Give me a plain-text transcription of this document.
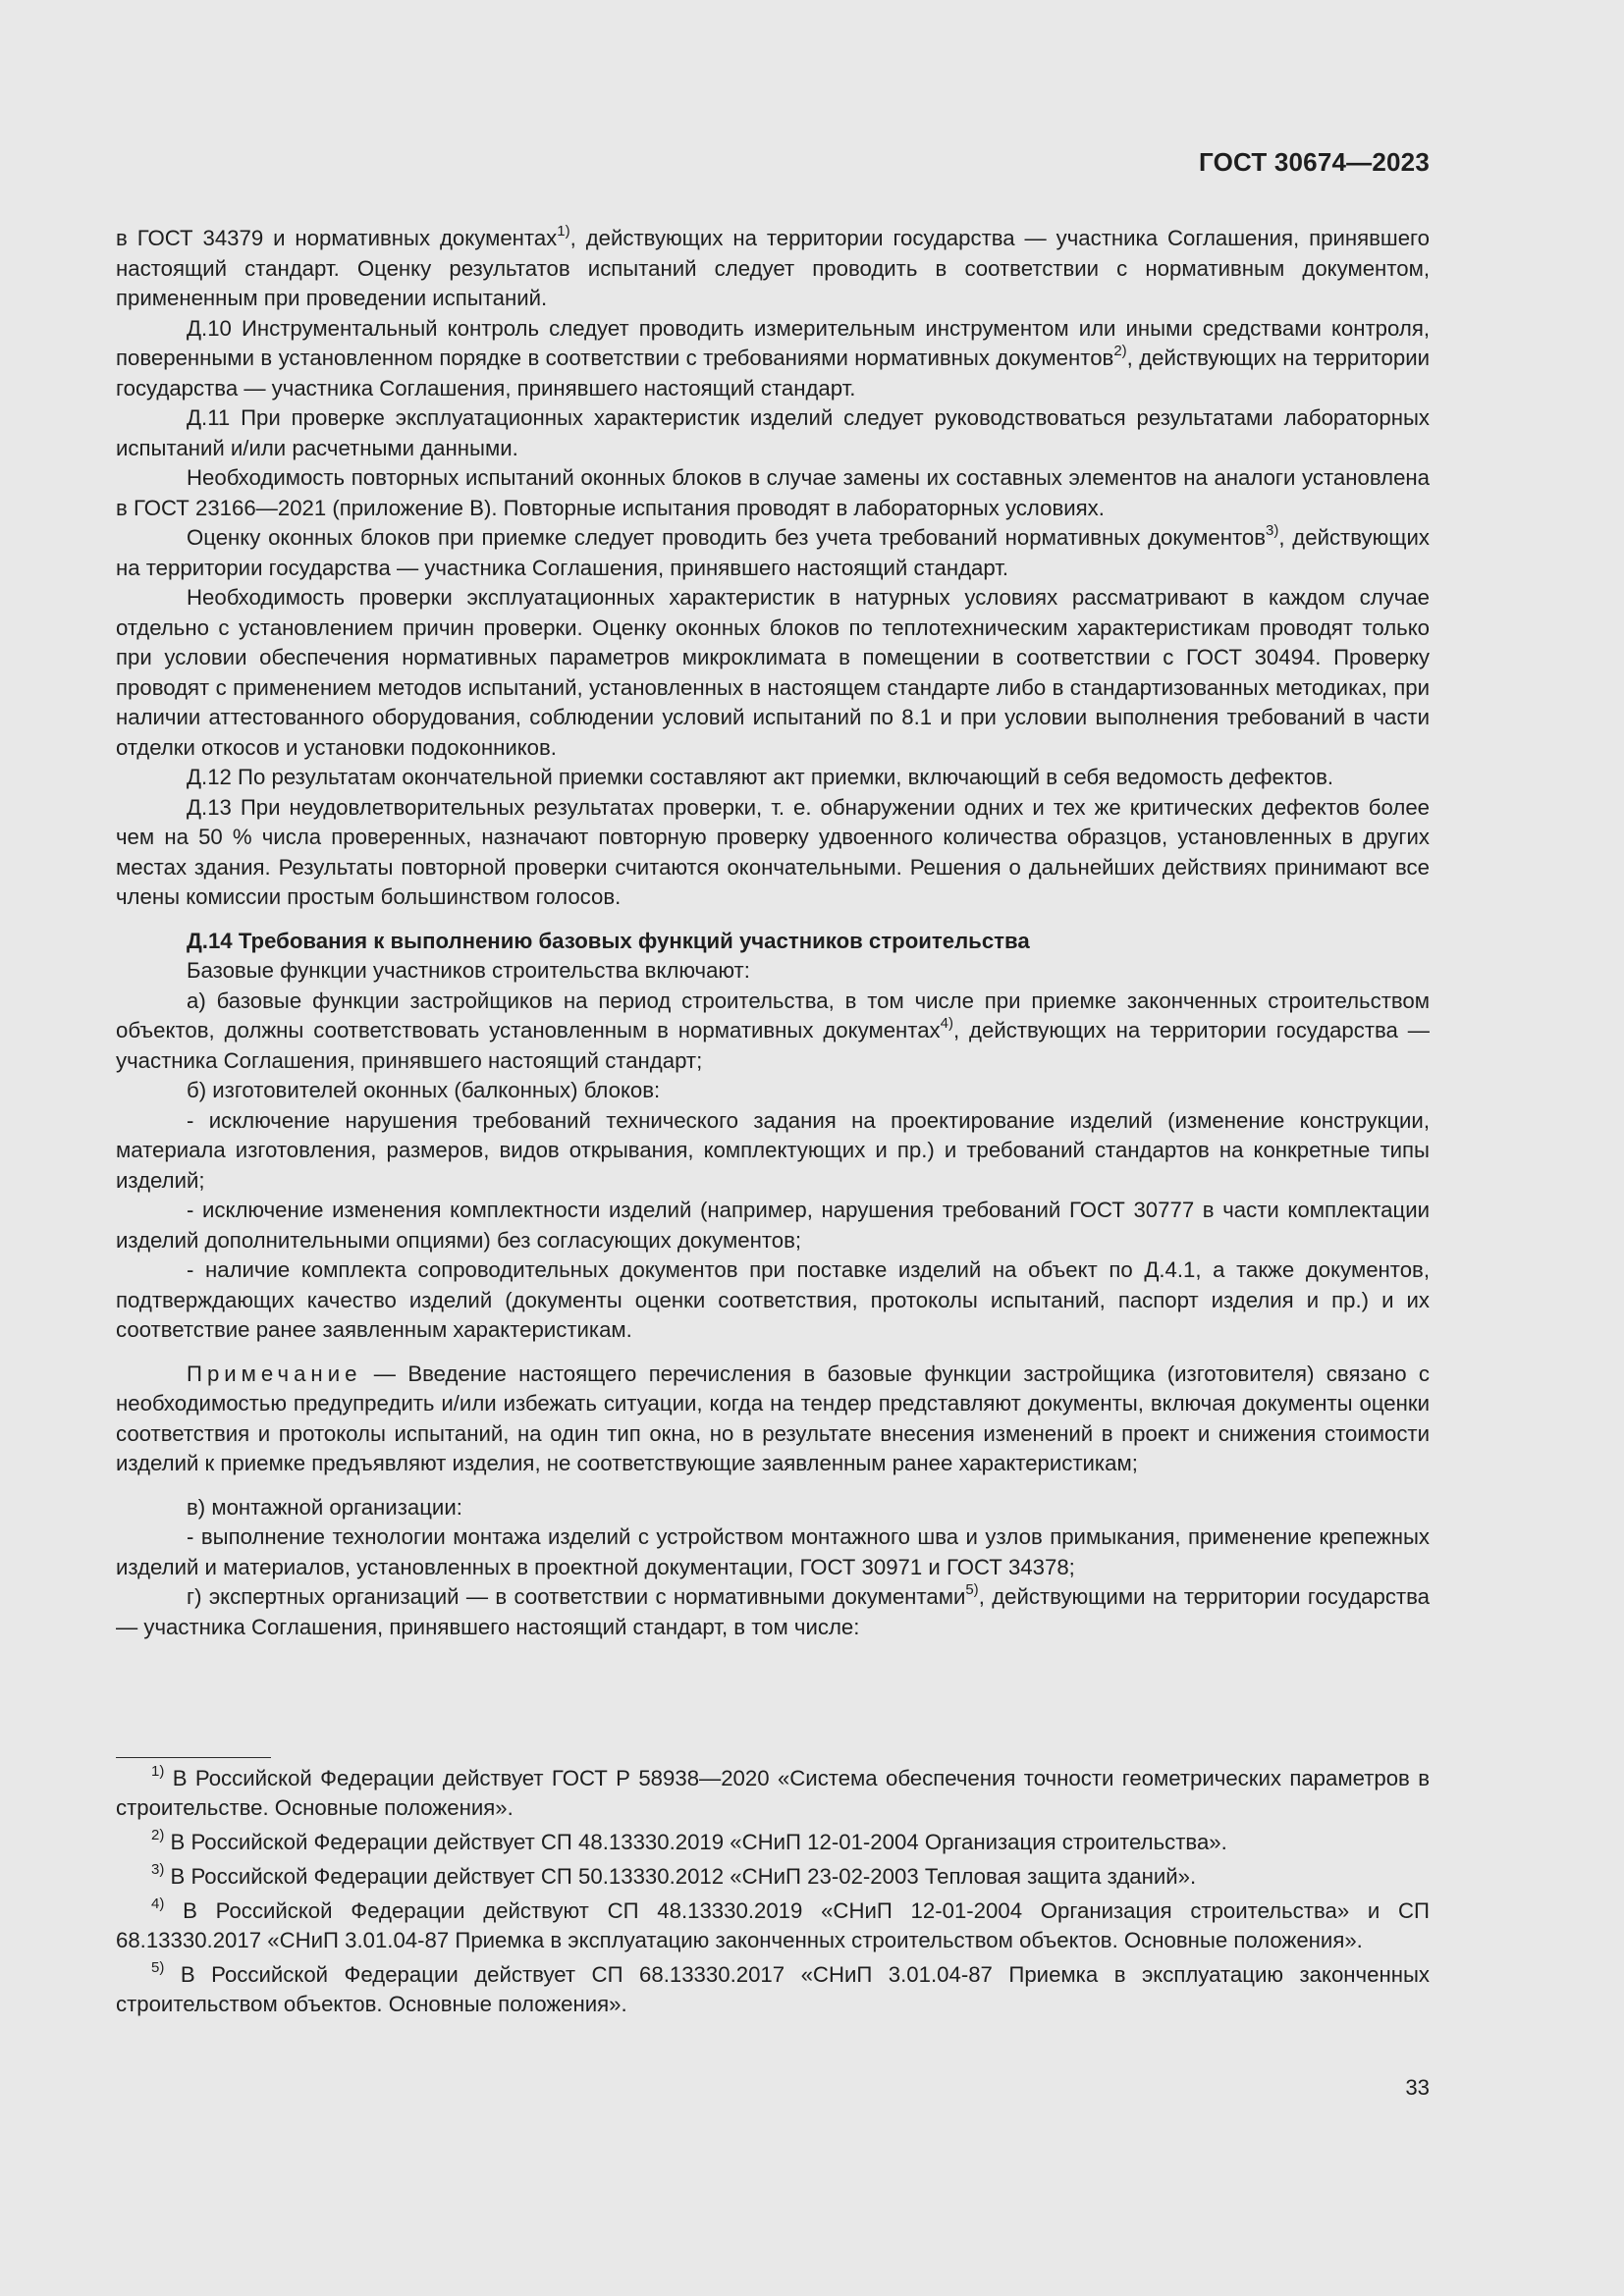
ГОСТ 30674—2023

в ГОСТ 34379 и нормативных документах$^{1)}$, действующих на территории государства — участника Соглашения, принявшего настоящий стандарт. Оценку результатов испытаний следует проводить в соответствии с нормативным документом, примененным при проведении испытаний.

Д.10 Инструментальный контроль следует проводить измерительным инструментом или иными средствами контроля, поверенными в установленном порядке в соответствии с требованиями нормативных документов$^{2)}$, действующих на территории государства — участника Соглашения, принявшего настоящий стандарт.

Д.11 При проверке эксплуатационных характеристик изделий следует руководствоваться результатами лабораторных испытаний и/или расчетными данными.

Необходимость повторных испытаний оконных блоков в случае замены их составных элементов на аналоги установлена в ГОСТ 23166—2021 (приложение В). Повторные испытания проводят в лабораторных условиях.

Оценку оконных блоков при приемке следует проводить без учета требований нормативных документов$^{3)}$, действующих на территории государства — участника Соглашения, принявшего настоящий стандарт.

Необходимость проверки эксплуатационных характеристик в натурных условиях рассматривают в каждом случае отдельно с установлением причин проверки. Оценку оконных блоков по теплотехническим характеристикам проводят только при условии обеспечения нормативных параметров микроклимата в помещении в соответствии с ГОСТ 30494. Проверку проводят с применением методов испытаний, установленных в настоящем стандарте либо в стандартизованных методиках, при наличии аттестованного оборудования, соблюдении условий испытаний по 8.1 и при условии выполнения требований в части отделки откосов и установки подоконников.

Д.12 По результатам окончательной приемки составляют акт приемки, включающий в себя ведомость дефектов.

Д.13 При неудовлетворительных результатах проверки, т. е. обнаружении одних и тех же критических дефектов более чем на 50 % числа проверенных, назначают повторную проверку удвоенного количества образцов, установленных в других местах здания. Результаты повторной проверки считаются окончательными. Решения о дальнейших действиях принимают все члены комиссии простым большинством голосов.

Д.14 Требования к выполнению базовых функций участников строительства

Базовые функции участников строительства включают:

а) базовые функции застройщиков на период строительства, в том числе при приемке законченных строительством объектов, должны соответствовать установленным в нормативных документах$^{4)}$, действующих на территории государства — участника Соглашения, принявшего настоящий стандарт;

б) изготовителей оконных (балконных) блоков:

- исключение нарушения требований технического задания на проектирование изделий (изменение конструкции, материала изготовления, размеров, видов открывания, комплектующих и пр.) и требований стандартов на конкретные типы изделий;

- исключение изменения комплектности изделий (например, нарушения требований ГОСТ 30777 в части комплектации изделий дополнительными опциями) без согласующих документов;

- наличие комплекта сопроводительных документов при поставке изделий на объект по Д.4.1, а также документов, подтверждающих качество изделий (документы оценки соответствия, протоколы испытаний, паспорт изделия и пр.) и их соответствие ранее заявленным характеристикам.

Примечание — Введение настоящего перечисления в базовые функции застройщика (изготовителя) связано с необходимостью предупредить и/или избежать ситуации, когда на тендер представляют документы, включая документы оценки соответствия и протоколы испытаний, на один тип окна, но в результате внесения изменений в проект и снижения стоимости изделий к приемке предъявляют изделия, не соответствующие заявленным ранее характеристикам;

в) монтажной организации:

- выполнение технологии монтажа изделий с устройством монтажного шва и узлов примыкания, применение крепежных изделий и материалов, установленных в проектной документации, ГОСТ 30971 и ГОСТ 34378;

г) экспертных организаций — в соответствии с нормативными документами$^{5)}$, действующими на территории государства — участника Соглашения, принявшего настоящий стандарт, в том числе:

$^{1)}$ В Российской Федерации действует ГОСТ Р 58938—2020 «Система обеспечения точности геометрических параметров в строительстве. Основные положения».

$^{2)}$ В Российской Федерации действует СП 48.13330.2019 «СНиП 12-01-2004 Организация строительства».

$^{3)}$ В Российской Федерации действует СП 50.13330.2012 «СНиП 23-02-2003 Тепловая защита зданий».

$^{4)}$ В Российской Федерации действуют СП 48.13330.2019 «СНиП 12-01-2004 Организация строительства» и СП 68.13330.2017 «СНиП 3.01.04-87 Приемка в эксплуатацию законченных строительством объектов. Основные положения».

$^{5)}$ В Российской Федерации действует СП 68.13330.2017 «СНиП 3.01.04-87 Приемка в эксплуатацию законченных строительством объектов. Основные положения».

33
